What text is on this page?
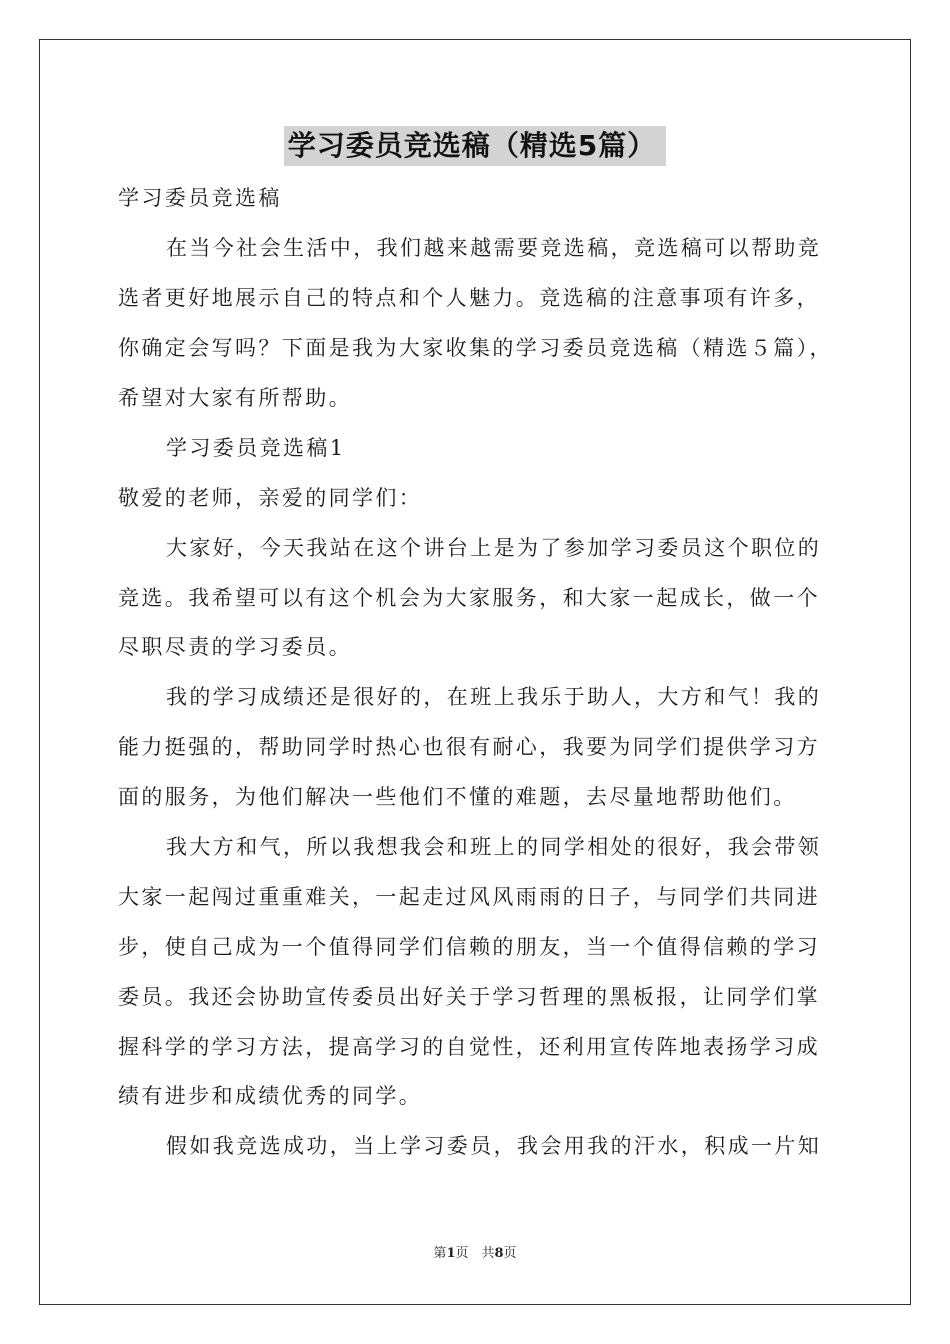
学习委员竞选稿（精选5篇）
学习委员竞选稿
在当今社会生活中，我们越来越需要竞选稿，竞选稿可以帮助竞
选者更好地展示自己的特点和个人魅力。竞选稿的注意事项有许多，
你确定会写吗？下面是我为大家收集的学习委员竞选稿（精选５篇），
希望对大家有所帮助。
学习委员竞选稿1
敬爱的老师，亲爱的同学们：
大家好，今天我站在这个讲台上是为了参加学习委员这个职位的
竞选。我希望可以有这个机会为大家服务，和大家一起成长，做一个
尽职尽责的学习委员。
我的学习成绩还是很好的，在班上我乐于助人，大方和气！我的
能力挺强的，帮助同学时热心也很有耐心，我要为同学们提供学习方
面的服务，为他们解决一些他们不懂的难题，去尽量地帮助他们。
我大方和气，所以我想我会和班上的同学相处的很好，我会带领
大家一起闯过重重难关，一起走过风风雨雨的日子，与同学们共同进
步，使自己成为一个值得同学们信赖的朋友，当一个值得信赖的学习
委员。我还会协助宣传委员出好关于学习哲理的黑板报，让同学们掌
握科学的学习方法，提高学习的自觉性，还利用宣传阵地表扬学习成
绩有进步和成绩优秀的同学。
假如我竞选成功，当上学习委员，我会用我的汗水，积成一片知
第1页　共8页
